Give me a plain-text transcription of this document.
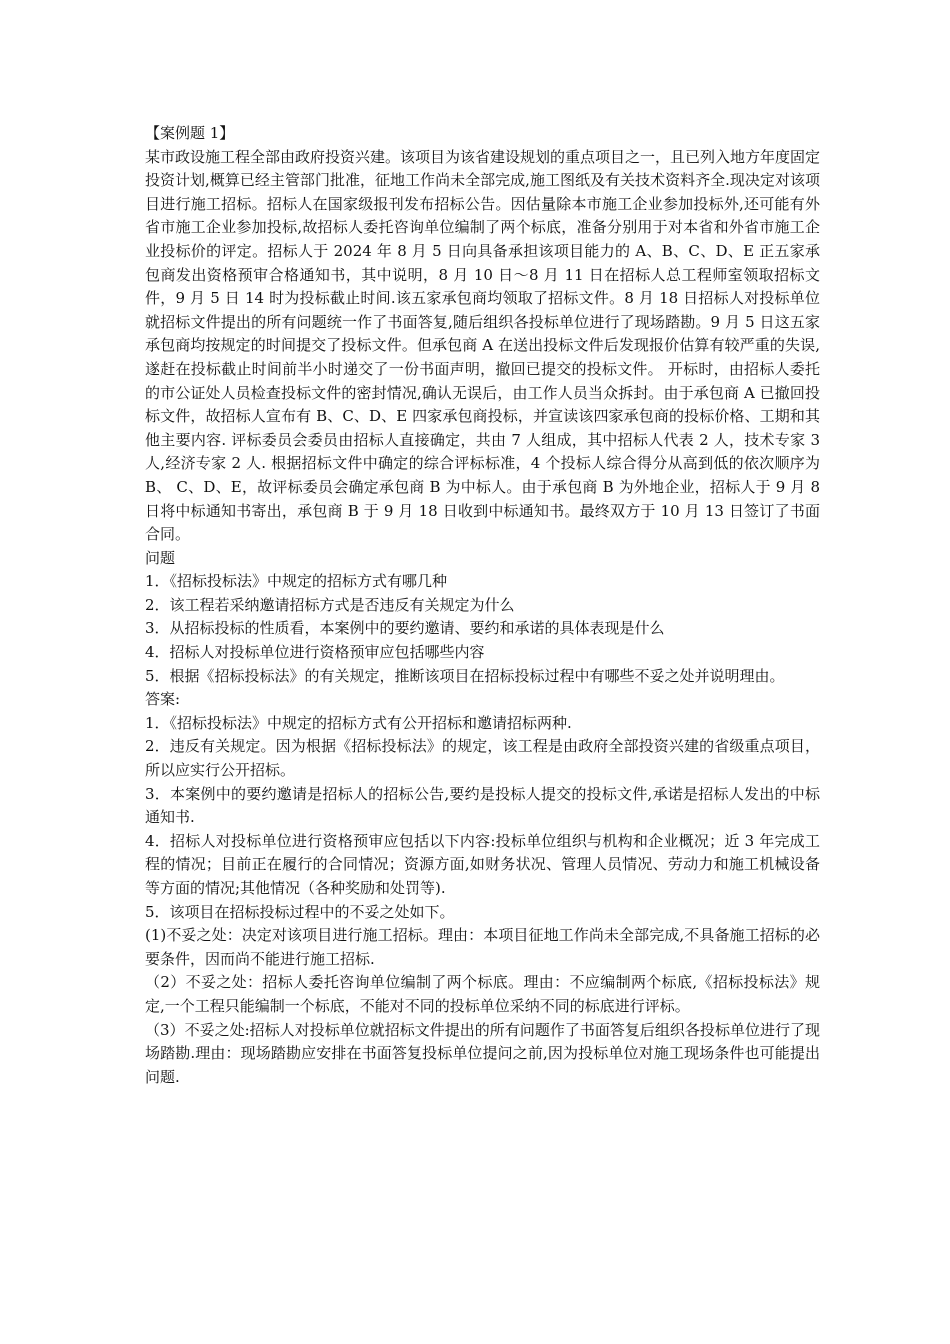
【案例题 1】

某市政设施工程全部由政府投资兴建。该项目为该省建设规划的重点项目之一，且已列入地方年度固定投资计划,概算已经主管部门批准，征地工作尚未全部完成,施工图纸及有关技术资料齐全.现决定对该项目进行施工招标。招标人在国家级报刊发布招标公告。因估量除本市施工企业参加投标外,还可能有外省市施工企业参加投标,故招标人委托咨询单位编制了两个标底，准备分别用于对本省和外省市施工企业投标价的评定。招标人于 2024 年 8 月 5 日向具备承担该项目能力的 A、B、C、D、E 正五家承包商发出资格预审合格通知书，其中说明，8 月 10 日～8 月 11 日在招标人总工程师室领取招标文件，9 月 5 日 14 时为投标截止时间.该五家承包商均领取了招标文件。8 月 18 日招标人对投标单位就招标文件提出的所有问题统一作了书面答复,随后组织各投标单位进行了现场踏勘。9 月 5 日这五家承包商均按规定的时间提交了投标文件。但承包商 A 在送出投标文件后发现报价估算有较严重的失误,遂赶在投标截止时间前半小时递交了一份书面声明，撤回已提交的投标文件。 开标时，由招标人委托的市公证处人员检查投标文件的密封情况,确认无误后，由工作人员当众拆封。由于承包商 A 已撤回投标文件，故招标人宣布有 B、C、D、E 四家承包商投标，并宣读该四家承包商的投标价格、工期和其他主要内容. 评标委员会委员由招标人直接确定，共由 7 人组成，其中招标人代表 2 人，技术专家 3 人,经济专家 2 人. 根据招标文件中确定的综合评标标准，4 个投标人综合得分从高到低的依次顺序为 B、 C、D、E，故评标委员会确定承包商 B 为中标人。由于承包商 B 为外地企业，招标人于 9 月 8 日将中标通知书寄出，承包商 B 于 9 月 18 日收到中标通知书。最终双方于 10 月 13 日签订了书面合同。

问题

1．《招标投标法》中规定的招标方式有哪几种

2．该工程若采纳邀请招标方式是否违反有关规定为什么

3．从招标投标的性质看，本案例中的要约邀请、要约和承诺的具体表现是什么

4．招标人对投标单位进行资格预审应包括哪些内容

5．根据《招标投标法》的有关规定，推断该项目在招标投标过程中有哪些不妥之处并说明理由。

答案:

1．《招标投标法》中规定的招标方式有公开招标和邀请招标两种.

2．违反有关规定。因为根据《招标投标法》的规定，该工程是由政府全部投资兴建的省级重点项目，所以应实行公开招标。

3．本案例中的要约邀请是招标人的招标公告,要约是投标人提交的投标文件,承诺是招标人发出的中标通知书.

4．招标人对投标单位进行资格预审应包括以下内容:投标单位组织与机构和企业概况；近 3 年完成工程的情况；目前正在履行的合同情况；资源方面,如财务状况、管理人员情况、劳动力和施工机械设备等方面的情况;其他情况（各种奖励和处罚等).

5．该项目在招标投标过程中的不妥之处如下。

(1)不妥之处：决定对该项目进行施工招标。理由：本项目征地工作尚未全部完成,不具备施工招标的必要条件，因而尚不能进行施工招标.

（2）不妥之处：招标人委托咨询单位编制了两个标底。理由：不应编制两个标底,《招标投标法》规定,一个工程只能编制一个标底，不能对不同的投标单位采纳不同的标底进行评标。

（3）不妥之处:招标人对投标单位就招标文件提出的所有问题作了书面答复后组织各投标单位进行了现场踏勘.理由：现场踏勘应安排在书面答复投标单位提问之前,因为投标单位对施工现场条件也可能提出问题.
